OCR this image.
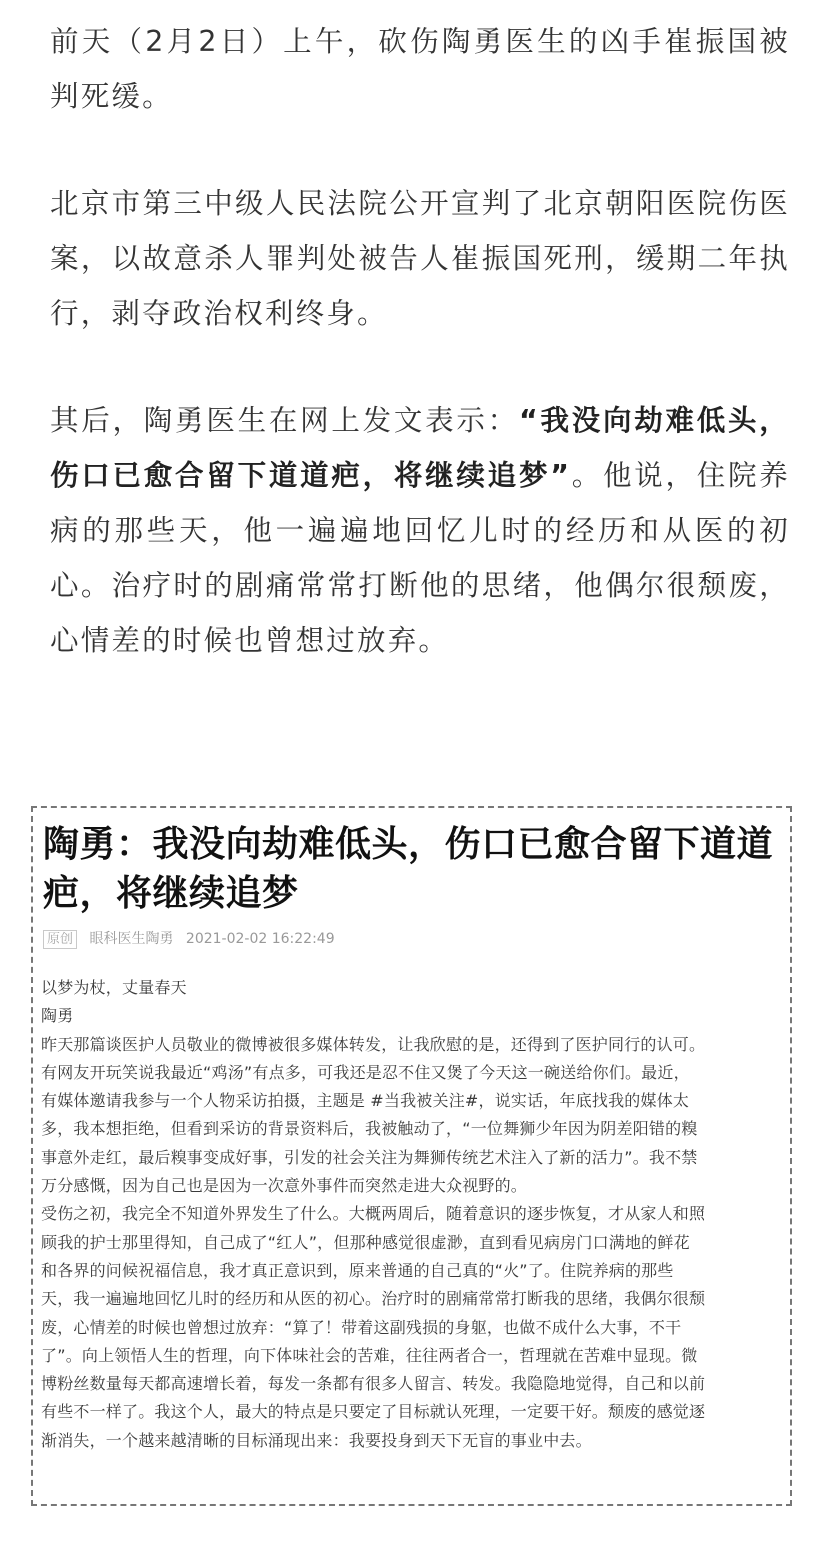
前天（2月2日）上午，砍伤陶勇医生的凶手崔振国被判死缓。

北京市第三中级人民法院公开宣判了北京朝阳医院伤医案，以故意杀人罪判处被告人崔振国死刑，缓期二年执行，剥夺政治权利终身。

其后，陶勇医生在网上发文表示：“我没向劫难低头，伤口已愈合留下道道疤，将继续追梦”。他说，住院养病的那些天，他一遍遍地回忆儿时的经历和从医的初心。治疗时的剧痛常常打断他的思绪，他偶尔很颓废，心情差的时候也曾想过放弃。

陶勇：我没向劫难低头，伤口已愈合留下道道疤，将继续追梦
原创 眼科医生陶勇 2021-02-02 16:22:49
以梦为杖，丈量春天
陶勇
昨天那篇谈医护人员敬业的微博被很多媒体转发，让我欣慰的是，还得到了医护同行的认可。
有网友开玩笑说我最近“鸡汤”有点多，可我还是忍不住又煲了今天这一碗送给你们。最近，
有媒体邀请我参与一个人物采访拍摄，主题是 #当我被关注#，说实话，年底找我的媒体太
多，我本想拒绝，但看到采访的背景资料后，我被触动了，“一位舞狮少年因为阴差阳错的糗
事意外走红，最后糗事变成好事，引发的社会关注为舞狮传统艺术注入了新的活力”。我不禁
万分感慨，因为自己也是因为一次意外事件而突然走进大众视野的。
受伤之初，我完全不知道外界发生了什么。大概两周后，随着意识的逐步恢复，才从家人和照
顾我的护士那里得知，自己成了“红人”，但那种感觉很虚渺，直到看见病房门口满地的鲜花
和各界的问候祝福信息，我才真正意识到，原来普通的自己真的“火”了。住院养病的那些
天，我一遍遍地回忆儿时的经历和从医的初心。治疗时的剧痛常常打断我的思绪，我偶尔很颓
废，心情差的时候也曾想过放弃：“算了！带着这副残损的身躯，也做不成什么大事，不干
了”。向上领悟人生的哲理，向下体味社会的苦难，往往两者合一，哲理就在苦难中显现。微
博粉丝数量每天都高速增长着，每发一条都有很多人留言、转发。我隐隐地觉得，自己和以前
有些不一样了。我这个人，最大的特点是只要定了目标就认死理，一定要干好。颓废的感觉逐
渐消失，一个越来越清晰的目标涌现出来：我要投身到天下无盲的事业中去。
